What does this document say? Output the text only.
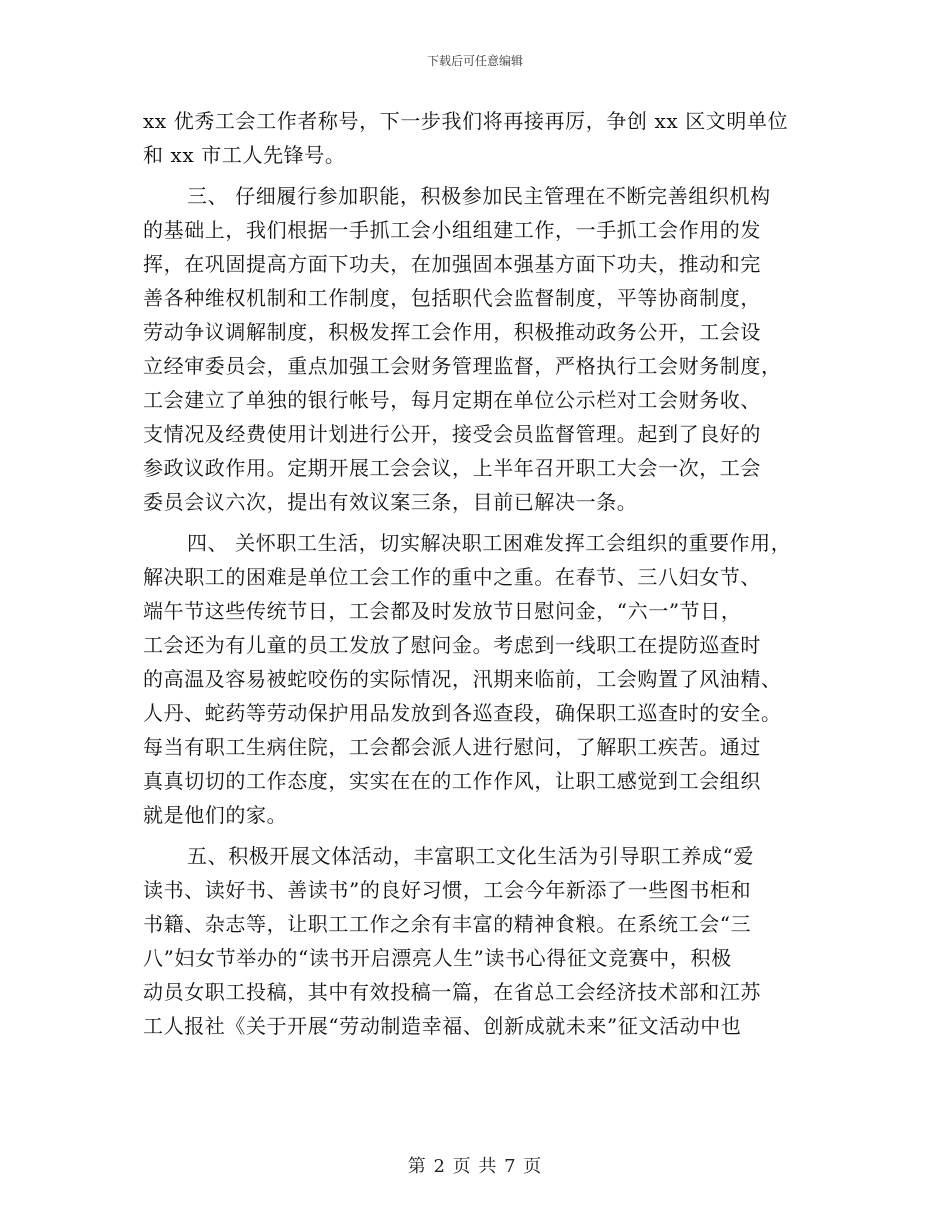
下载后可任意编辑
xx 优秀工会工作者称号，下一步我们将再接再厉，争创 xx 区文明单位
和 xx 市工人先锋号。
三、 仔细履行参加职能，积极参加民主管理在不断完善组织机构
的基础上，我们根据一手抓工会小组组建工作，一手抓工会作用的发
挥，在巩固提高方面下功夫，在加强固本强基方面下功夫，推动和完
善各种维权机制和工作制度，包括职代会监督制度，平等协商制度，
劳动争议调解制度，积极发挥工会作用，积极推动政务公开，工会设
立经审委员会，重点加强工会财务管理监督，严格执行工会财务制度，
工会建立了单独的银行帐号，每月定期在单位公示栏对工会财务收、
支情况及经费使用计划进行公开，接受会员监督管理。起到了良好的
参政议政作用。定期开展工会会议，上半年召开职工大会一次，工会
委员会议六次，提出有效议案三条，目前已解决一条。
四、 关怀职工生活，切实解决职工困难发挥工会组织的重要作用，
解决职工的困难是单位工会工作的重中之重。在春节、三八妇女节、
端午节这些传统节日，工会都及时发放节日慰问金，“六一”节日，
工会还为有儿童的员工发放了慰问金。考虑到一线职工在提防巡查时
的高温及容易被蛇咬伤的实际情况，汛期来临前，工会购置了风油精、
人丹、蛇药等劳动保护用品发放到各巡查段，确保职工巡查时的安全。
每当有职工生病住院，工会都会派人进行慰问，了解职工疾苦。通过
真真切切的工作态度，实实在在的工作作风，让职工感觉到工会组织
就是他们的家。
五、积极开展文体活动，丰富职工文化生活为引导职工养成“爱
读书、读好书、善读书”的良好习惯，工会今年新添了一些图书柜和
书籍、杂志等，让职工工作之余有丰富的精神食粮。在系统工会“三
八”妇女节举办的“读书开启漂亮人生”读书心得征文竞赛中，积极
动员女职工投稿，其中有效投稿一篇，在省总工会经济技术部和江苏
工人报社《关于开展“劳动制造幸福、创新成就未来”征文活动中也
第 2 页 共 7 页
